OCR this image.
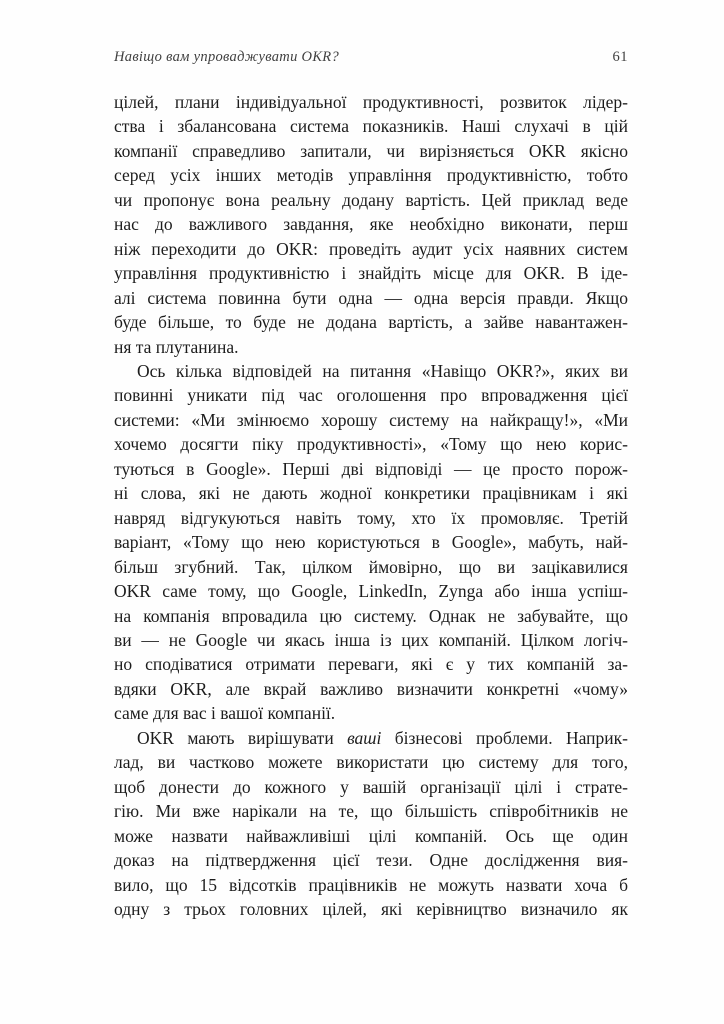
Навіщо вам упроваджувати OKR?	61
цілей, плани індивідуальної продуктивності, розвиток лідер-
ства і збалансована система показників. Наші слухачі в цій
компанії справедливо запитали, чи вирізняється OKR якісно
серед усіх інших методів управління продуктивністю, тобто
чи пропонує вона реальну додану вартість. Цей приклад веде
нас до важливого завдання, яке необхідно виконати, перш
ніж переходити до OKR: проведіть аудит усіх наявних систем
управління продуктивністю і знайдіть місце для OKR. В іде-
алі система повинна бути одна — одна версія правди. Якщо
буде більше, то буде не додана вартість, а зайве навантажен-
ня та плутанина.
Ось кілька відповідей на питання «Навіщо OKR?», яких ви
повинні уникати під час оголошення про впровадження цієї
системи: «Ми змінюємо хорошу систему на найкращу!», «Ми
хочемо досягти піку продуктивності», «Тому що нею корис-
туються в Google». Перші дві відповіді — це просто порож-
ні слова, які не дають жодної конкретики працівникам і які
навряд відгукуються навіть тому, хто їх промовляє. Третій
варіант, «Тому що нею користуються в Google», мабуть, най-
більш згубний. Так, цілком ймовірно, що ви зацікавилися
OKR саме тому, що Google, LinkedIn, Zynga або інша успіш-
на компанія впровадила цю систему. Однак не забувайте, що
ви — не Google чи якась інша із цих компаній. Цілком логіч-
но сподіватися отримати переваги, які є у тих компаній за-
вдяки OKR, але вкрай важливо визначити конкретні «чому»
саме для вас і вашої компанії.
OKR мають вирішувати ваші бізнесові проблеми. Наприк-
лад, ви частково можете використати цю систему для того,
щоб донести до кожного у вашій організації цілі і страте-
гію. Ми вже нарікали на те, що більшість співробітників не
може назвати найважливіші цілі компаній. Ось ще один
доказ на підтвердження цієї тези. Одне дослідження вия-
вило, що 15 відсотків працівників не можуть назвати хоча б
одну з трьох головних цілей, які керівництво визначило як
